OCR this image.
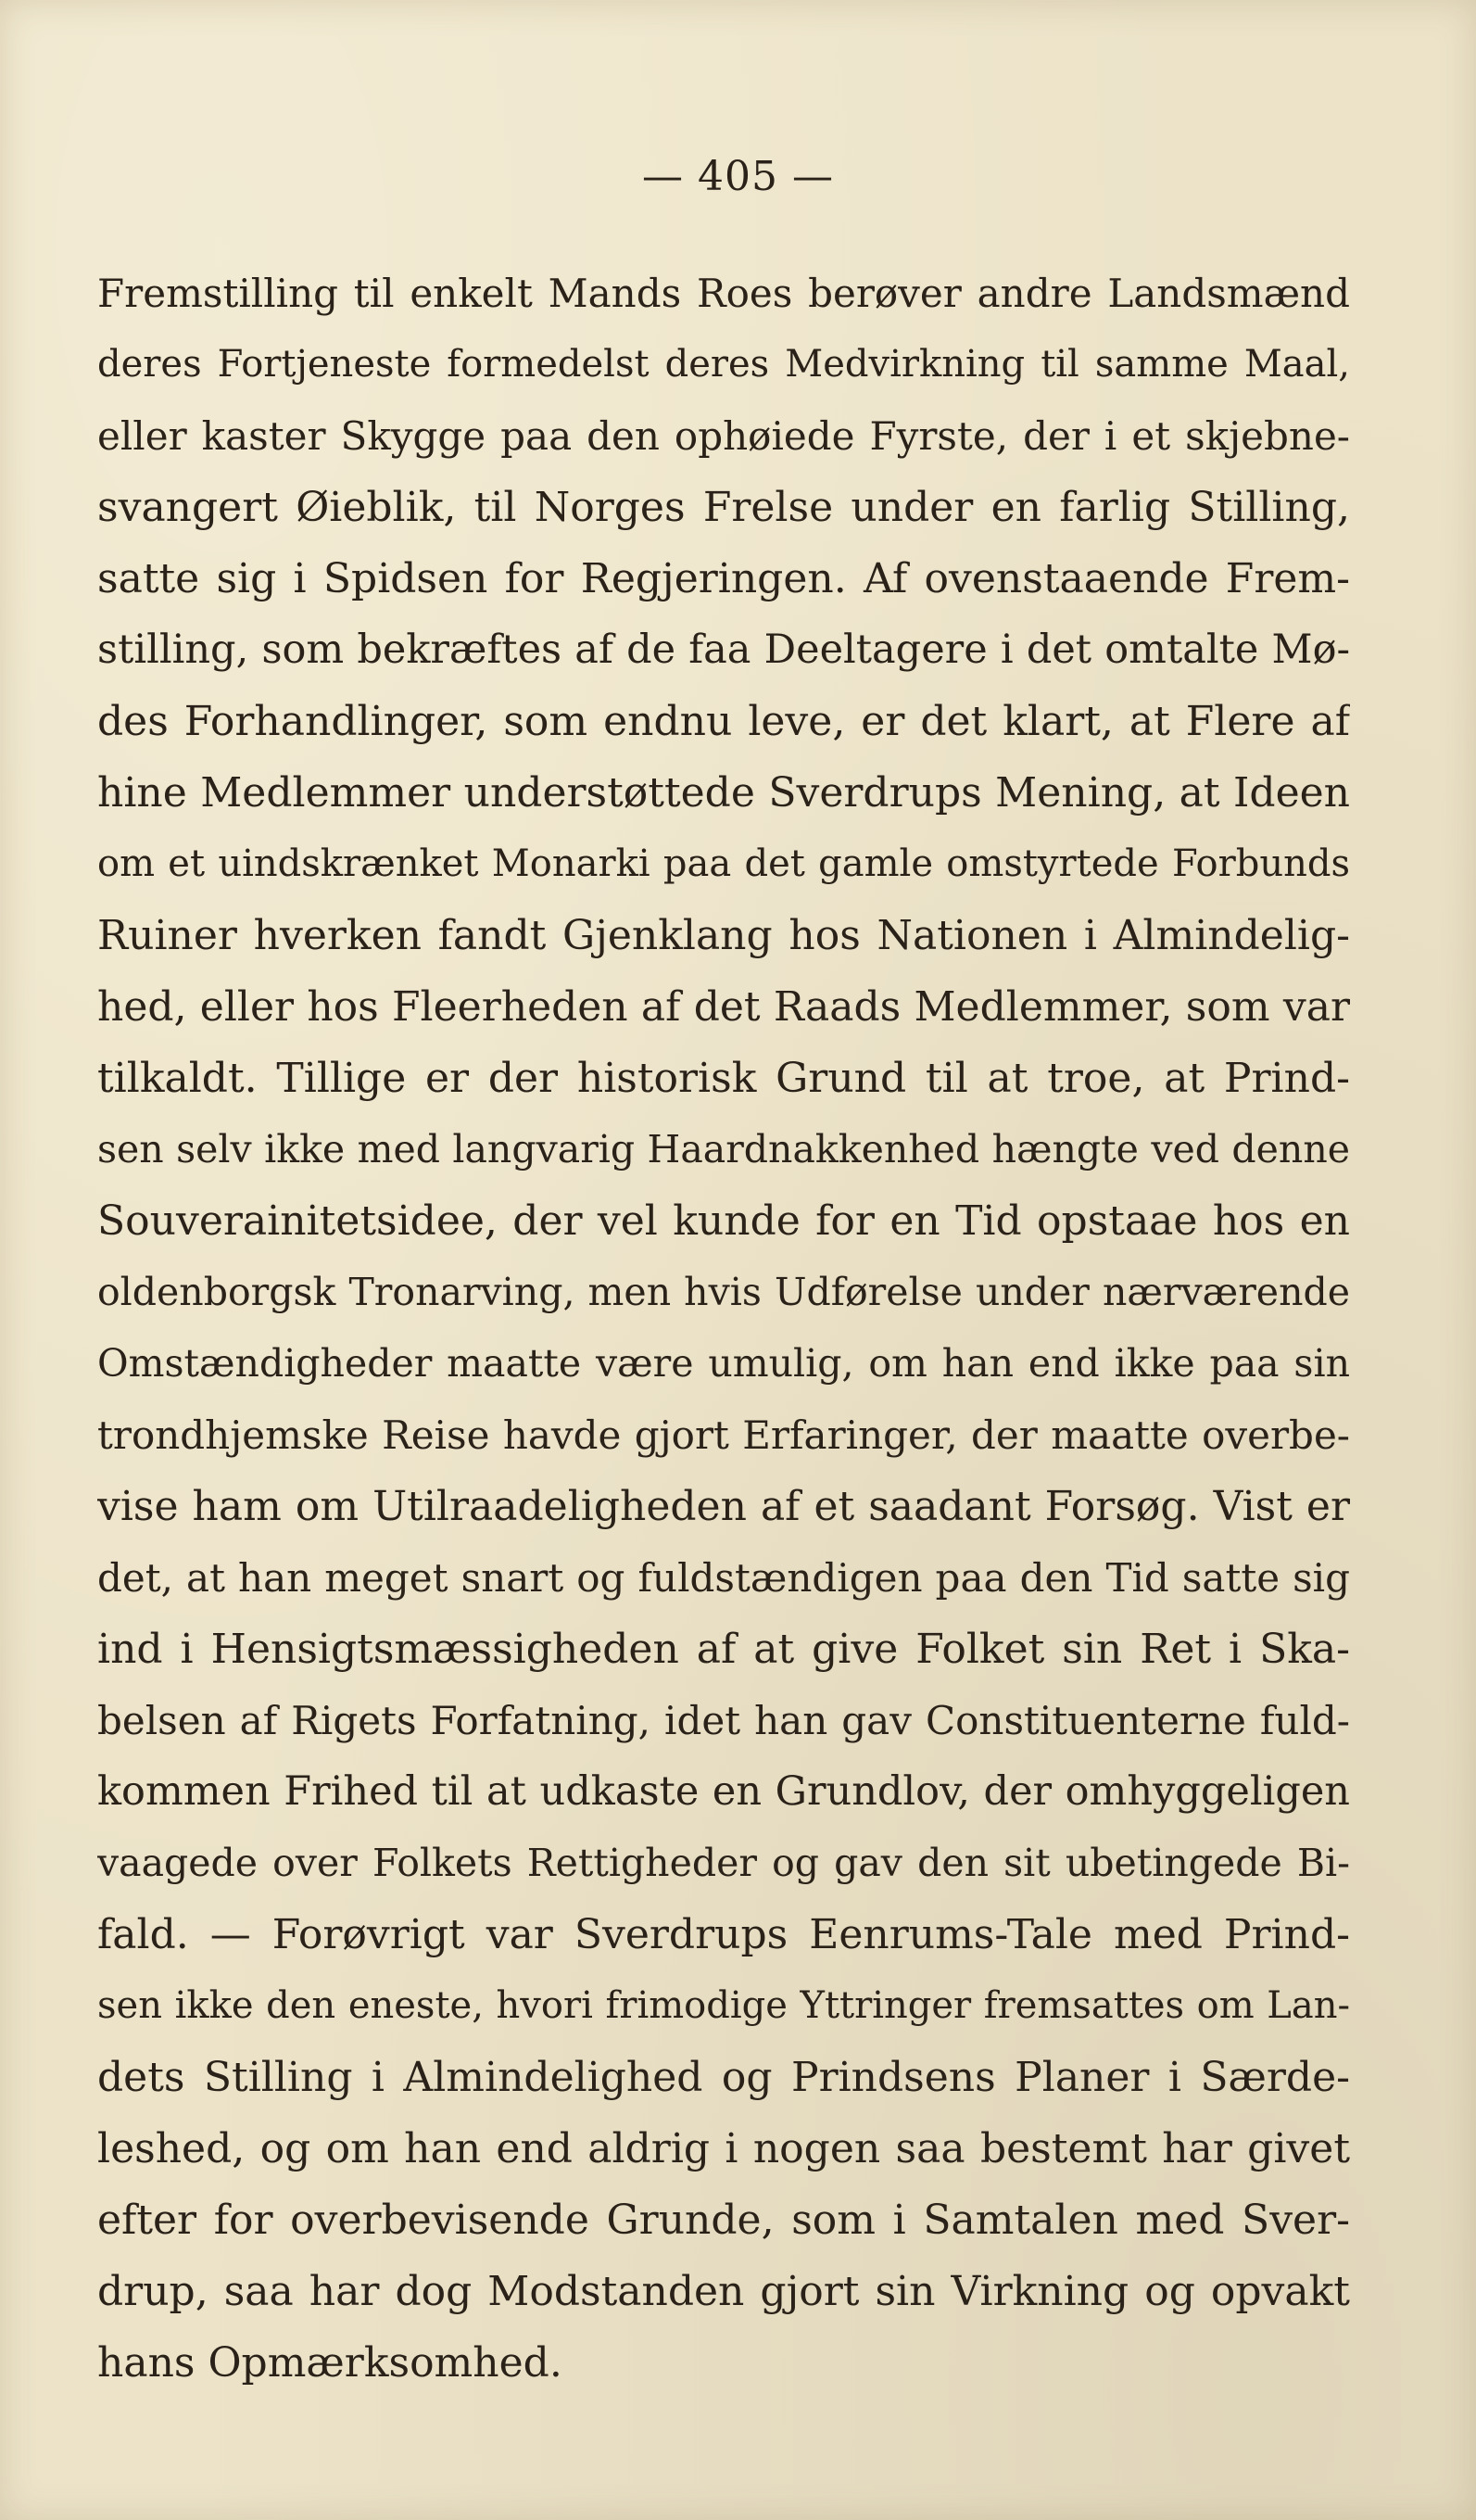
— 405 —
Fremstilling til enkelt Mands Roes berøver andre Landsmænd
deres Fortjeneste formedelst deres Medvirkning til samme Maal,
eller kaster Skygge paa den ophøiede Fyrste, der i et skjebne-
svangert Øieblik, til Norges Frelse under en farlig Stilling,
satte sig i Spidsen for Regjeringen. Af ovenstaaende Frem-
stilling, som bekræftes af de faa Deeltagere i det omtalte Mø-
des Forhandlinger, som endnu leve, er det klart, at Flere af
hine Medlemmer understøttede Sverdrups Mening, at Ideen
om et uindskrænket Monarki paa det gamle omstyrtede Forbunds
Ruiner hverken fandt Gjenklang hos Nationen i Almindelig-
hed, eller hos Fleerheden af det Raads Medlemmer, som var
tilkaldt. Tillige er der historisk Grund til at troe, at Prind-
sen selv ikke med langvarig Haardnakkenhed hængte ved denne
Souverainitetsidee, der vel kunde for en Tid opstaae hos en
oldenborgsk Tronarving, men hvis Udførelse under nærværende
Omstændigheder maatte være umulig, om han end ikke paa sin
trondhjemske Reise havde gjort Erfaringer, der maatte overbe-
vise ham om Utilraadeligheden af et saadant Forsøg. Vist er
det, at han meget snart og fuldstændigen paa den Tid satte sig
ind i Hensigtsmæssigheden af at give Folket sin Ret i Ska-
belsen af Rigets Forfatning, idet han gav Constituenterne fuld-
kommen Frihed til at udkaste en Grundlov, der omhyggeligen
vaagede over Folkets Rettigheder og gav den sit ubetingede Bi-
fald. — Forøvrigt var Sverdrups Eenrums-Tale med Prind-
sen ikke den eneste, hvori frimodige Yttringer fremsattes om Lan-
dets Stilling i Almindelighed og Prindsens Planer i Særde-
leshed, og om han end aldrig i nogen saa bestemt har givet
efter for overbevisende Grunde, som i Samtalen med Sver-
drup, saa har dog Modstanden gjort sin Virkning og opvakt
hans Opmærksomhed.
